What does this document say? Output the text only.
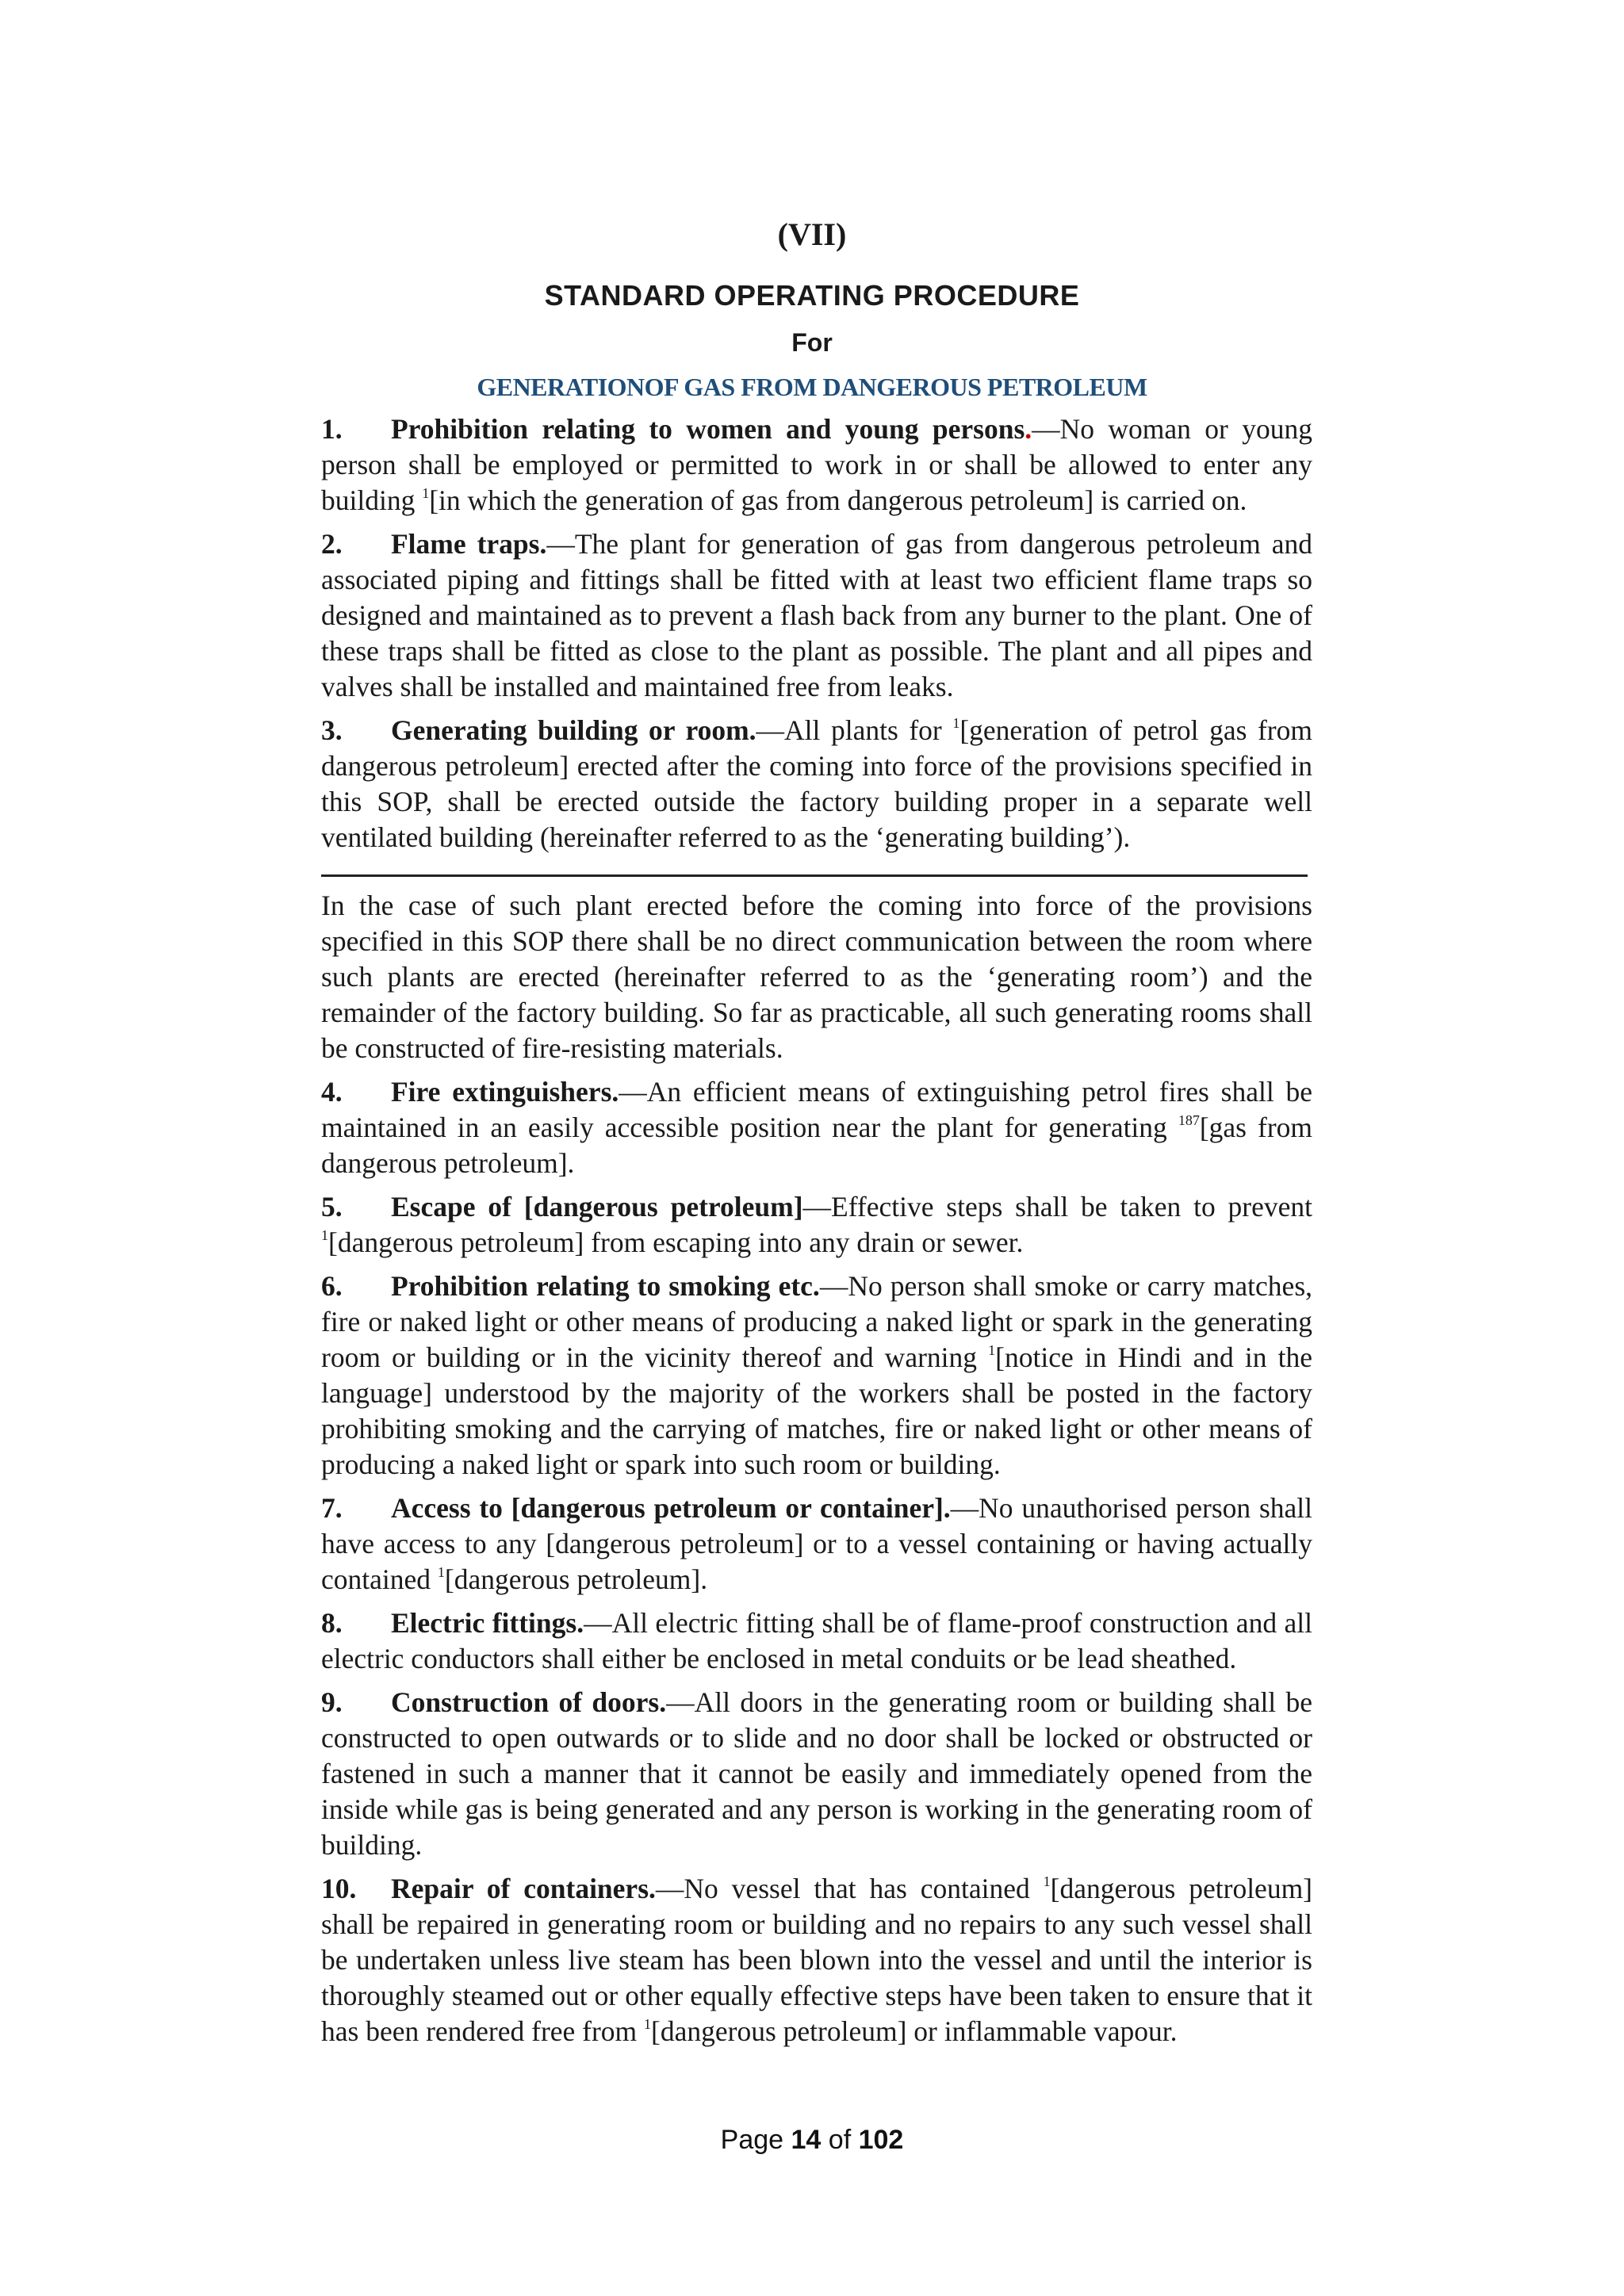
(VII)
STANDARD OPERATING PROCEDURE
For
GENERATIONOF GAS FROM DANGEROUS PETROLEUM

1. Prohibition relating to women and young persons.—No woman or young person shall be employed or permitted to work in or shall be allowed to enter any building $^1$[in which the generation of gas from dangerous petroleum] is carried on.

2. Flame traps.—The plant for generation of gas from dangerous petroleum and associated piping and fittings shall be fitted with at least two efficient flame traps so designed and maintained as to prevent a flash back from any burner to the plant. One of these traps shall be fitted as close to the plant as possible. The plant and all pipes and valves shall be installed and maintained free from leaks.

3. Generating building or room.—All plants for $^1$[generation of petrol gas from dangerous petroleum] erected after the coming into force of the provisions specified in this SOP, shall be erected outside the factory building proper in a separate well ventilated building (hereinafter referred to as the ‘generating building’).

In the case of such plant erected before the coming into force of the provisions specified in this SOP there shall be no direct communication between the room where such plants are erected (hereinafter referred to as the ‘generating room’) and the remainder of the factory building. So far as practicable, all such generating rooms shall be constructed of fire-resisting materials.

4. Fire extinguishers.—An efficient means of extinguishing petrol fires shall be maintained in an easily accessible position near the plant for generating $^{187}$[gas from dangerous petroleum].

5. Escape of [dangerous petroleum]—Effective steps shall be taken to prevent $^1$[dangerous petroleum] from escaping into any drain or sewer.

6. Prohibition relating to smoking etc.—No person shall smoke or carry matches, fire or naked light or other means of producing a naked light or spark in the generating room or building or in the vicinity thereof and warning $^1$[notice in Hindi and in the language] understood by the majority of the workers shall be posted in the factory prohibiting smoking and the carrying of matches, fire or naked light or other means of producing a naked light or spark into such room or building.

7. Access to [dangerous petroleum or container].—No unauthorised person shall have access to any [dangerous petroleum] or to a vessel containing or having actually contained $^1$[dangerous petroleum].

8. Electric fittings.—All electric fitting shall be of flame-proof construction and all electric conductors shall either be enclosed in metal conduits or be lead sheathed.

9. Construction of doors.—All doors in the generating room or building shall be constructed to open outwards or to slide and no door shall be locked or obstructed or fastened in such a manner that it cannot be easily and immediately opened from the inside while gas is being generated and any person is working in the generating room of building.

10. Repair of containers.—No vessel that has contained $^1$[dangerous petroleum] shall be repaired in generating room or building and no repairs to any such vessel shall be undertaken unless live steam has been blown into the vessel and until the interior is thoroughly steamed out or other equally effective steps have been taken to ensure that it has been rendered free from $^1$[dangerous petroleum] or inflammable vapour.

Page 14 of 102
